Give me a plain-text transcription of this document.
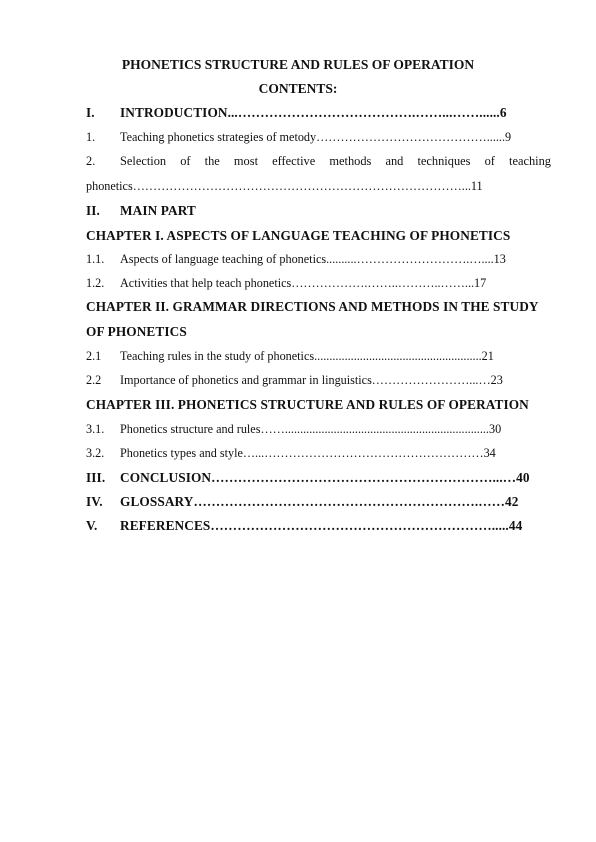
PHONETICS STRUCTURE AND RULES OF OPERATION
CONTENTS:
I. INTRODUCTION...………………………………….……...……......6
1. Teaching phonetics strategies of metody……………………………………......9
2. Selection of the most effective methods and techniques of teaching
phonetics………………………………………………………………………...11
II. MAIN PART
CHAPTER I. ASPECTS OF LANGUAGE TEACHING OF PHONETICS
1.1. Aspects of language teaching of phonetics..........……………………….…....13
1.2. Activities that help teach phonetics……………….……..………..……...17
CHAPTER II. GRAMMAR DIRECTIONS AND METHODS IN THE STUDY
OF PHONETICS
2.1 Teaching rules in the study of phonetics.......................................................21
2.2 Importance of phonetics and grammar in linguistics……………………...…23
CHAPTER III. PHONETICS STRUCTURE AND RULES OF OPERATION
3.1. Phonetics structure and rules……...................................................................30
3.2. Phonetics types and style…...………………………………………………34
III. CONCLUSION………………………………………………………...…40
IV. GLOSSARY……………………………………………………….……42
V. REFERENCES……………………………………………………….....44
